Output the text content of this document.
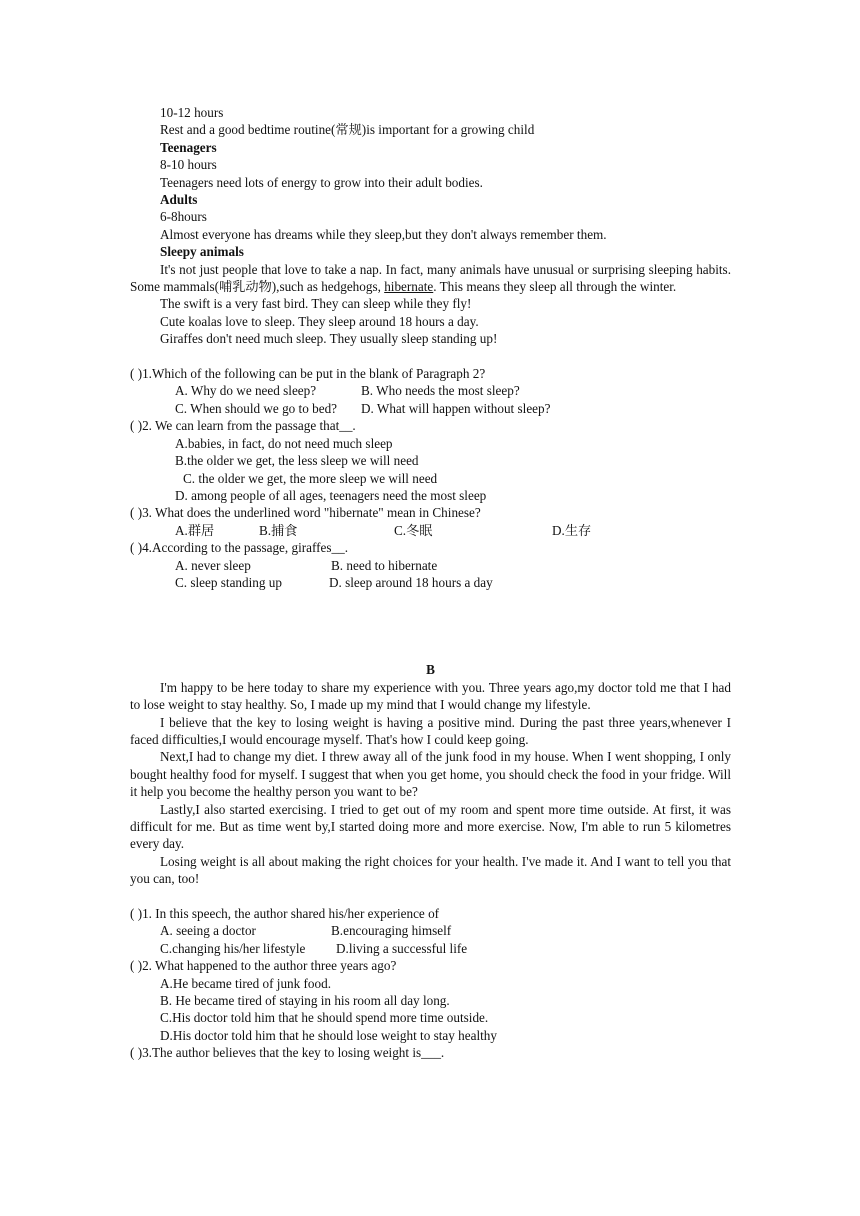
10-12 hours

Rest and a good bedtime routine(常规)is important for a growing child

Teenagers

8-10 hours

Teenagers need lots of energy to grow into their adult bodies.

Adults

6-8hours

Almost everyone has dreams while they sleep,but they don't always remember them.

Sleepy animals

It's not just people that love to take a nap. In fact, many animals have unusual or surprising sleeping habits. Some mammals(哺乳动物),such as hedgehogs, hibernate. This means they sleep all through the winter.

The swift is a very fast bird. They can sleep while they fly!

Cute koalas love to sleep. They sleep around 18 hours a day.

Giraffes don't need much sleep. They usually sleep standing up!

( )1.Which of the following can be put in the blank of Paragraph 2?

A. Why do we need sleep?	B. Who needs the most sleep?

C. When should we go to bed?	D. What will happen without sleep?

( )2. We can learn from the passage that__.

A.babies, in fact, do not need much sleep

B.the older we get, the less sleep we will need

C. the older we get, the more sleep we will need

D. among people of all ages, teenagers need the most sleep

( )3. What does the underlined word "hibernate" mean in Chinese?

A.群居	B.捕食	C.冬眠	D.生存

( )4.According to the passage, giraffes__.

A. never sleep	B. need to hibernate

C. sleep standing up	D. sleep around 18 hours a day

B

I'm happy to be here today to share my experience with you. Three years ago,my doctor told me that I had to lose weight to stay healthy. So, I made up my mind that I would change my lifestyle.

I believe that the key to losing weight is having a positive mind. During the past three years,whenever I faced difficulties,I would encourage myself. That's how I could keep going.

Next,I had to change my diet. I threw away all of the junk food in my house. When I went shopping, I only bought healthy food for myself. I suggest that when you get home, you should check the food in your fridge. Will it help you become the healthy person you want to be?

Lastly,I also started exercising. I tried to get out of my room and spent more time outside. At first, it was difficult for me. But as time went by,I started doing more and more exercise. Now, I'm able to run 5 kilometres every day.

Losing weight is all about making the right choices for your health. I've made it. And I want to tell you that you can, too!

( )1. In this speech, the author shared his/her experience of

A. seeing a doctor	B.encouraging himself

C.changing his/her lifestyle	D.living a successful life

( )2. What happened to the author three years ago?

A.He became tired of junk food.

B. He became tired of staying in his room all day long.

C.His doctor told him that he should spend more time outside.

D.His doctor told him that he should lose weight to stay healthy

( )3.The author believes that the key to losing weight is___.
